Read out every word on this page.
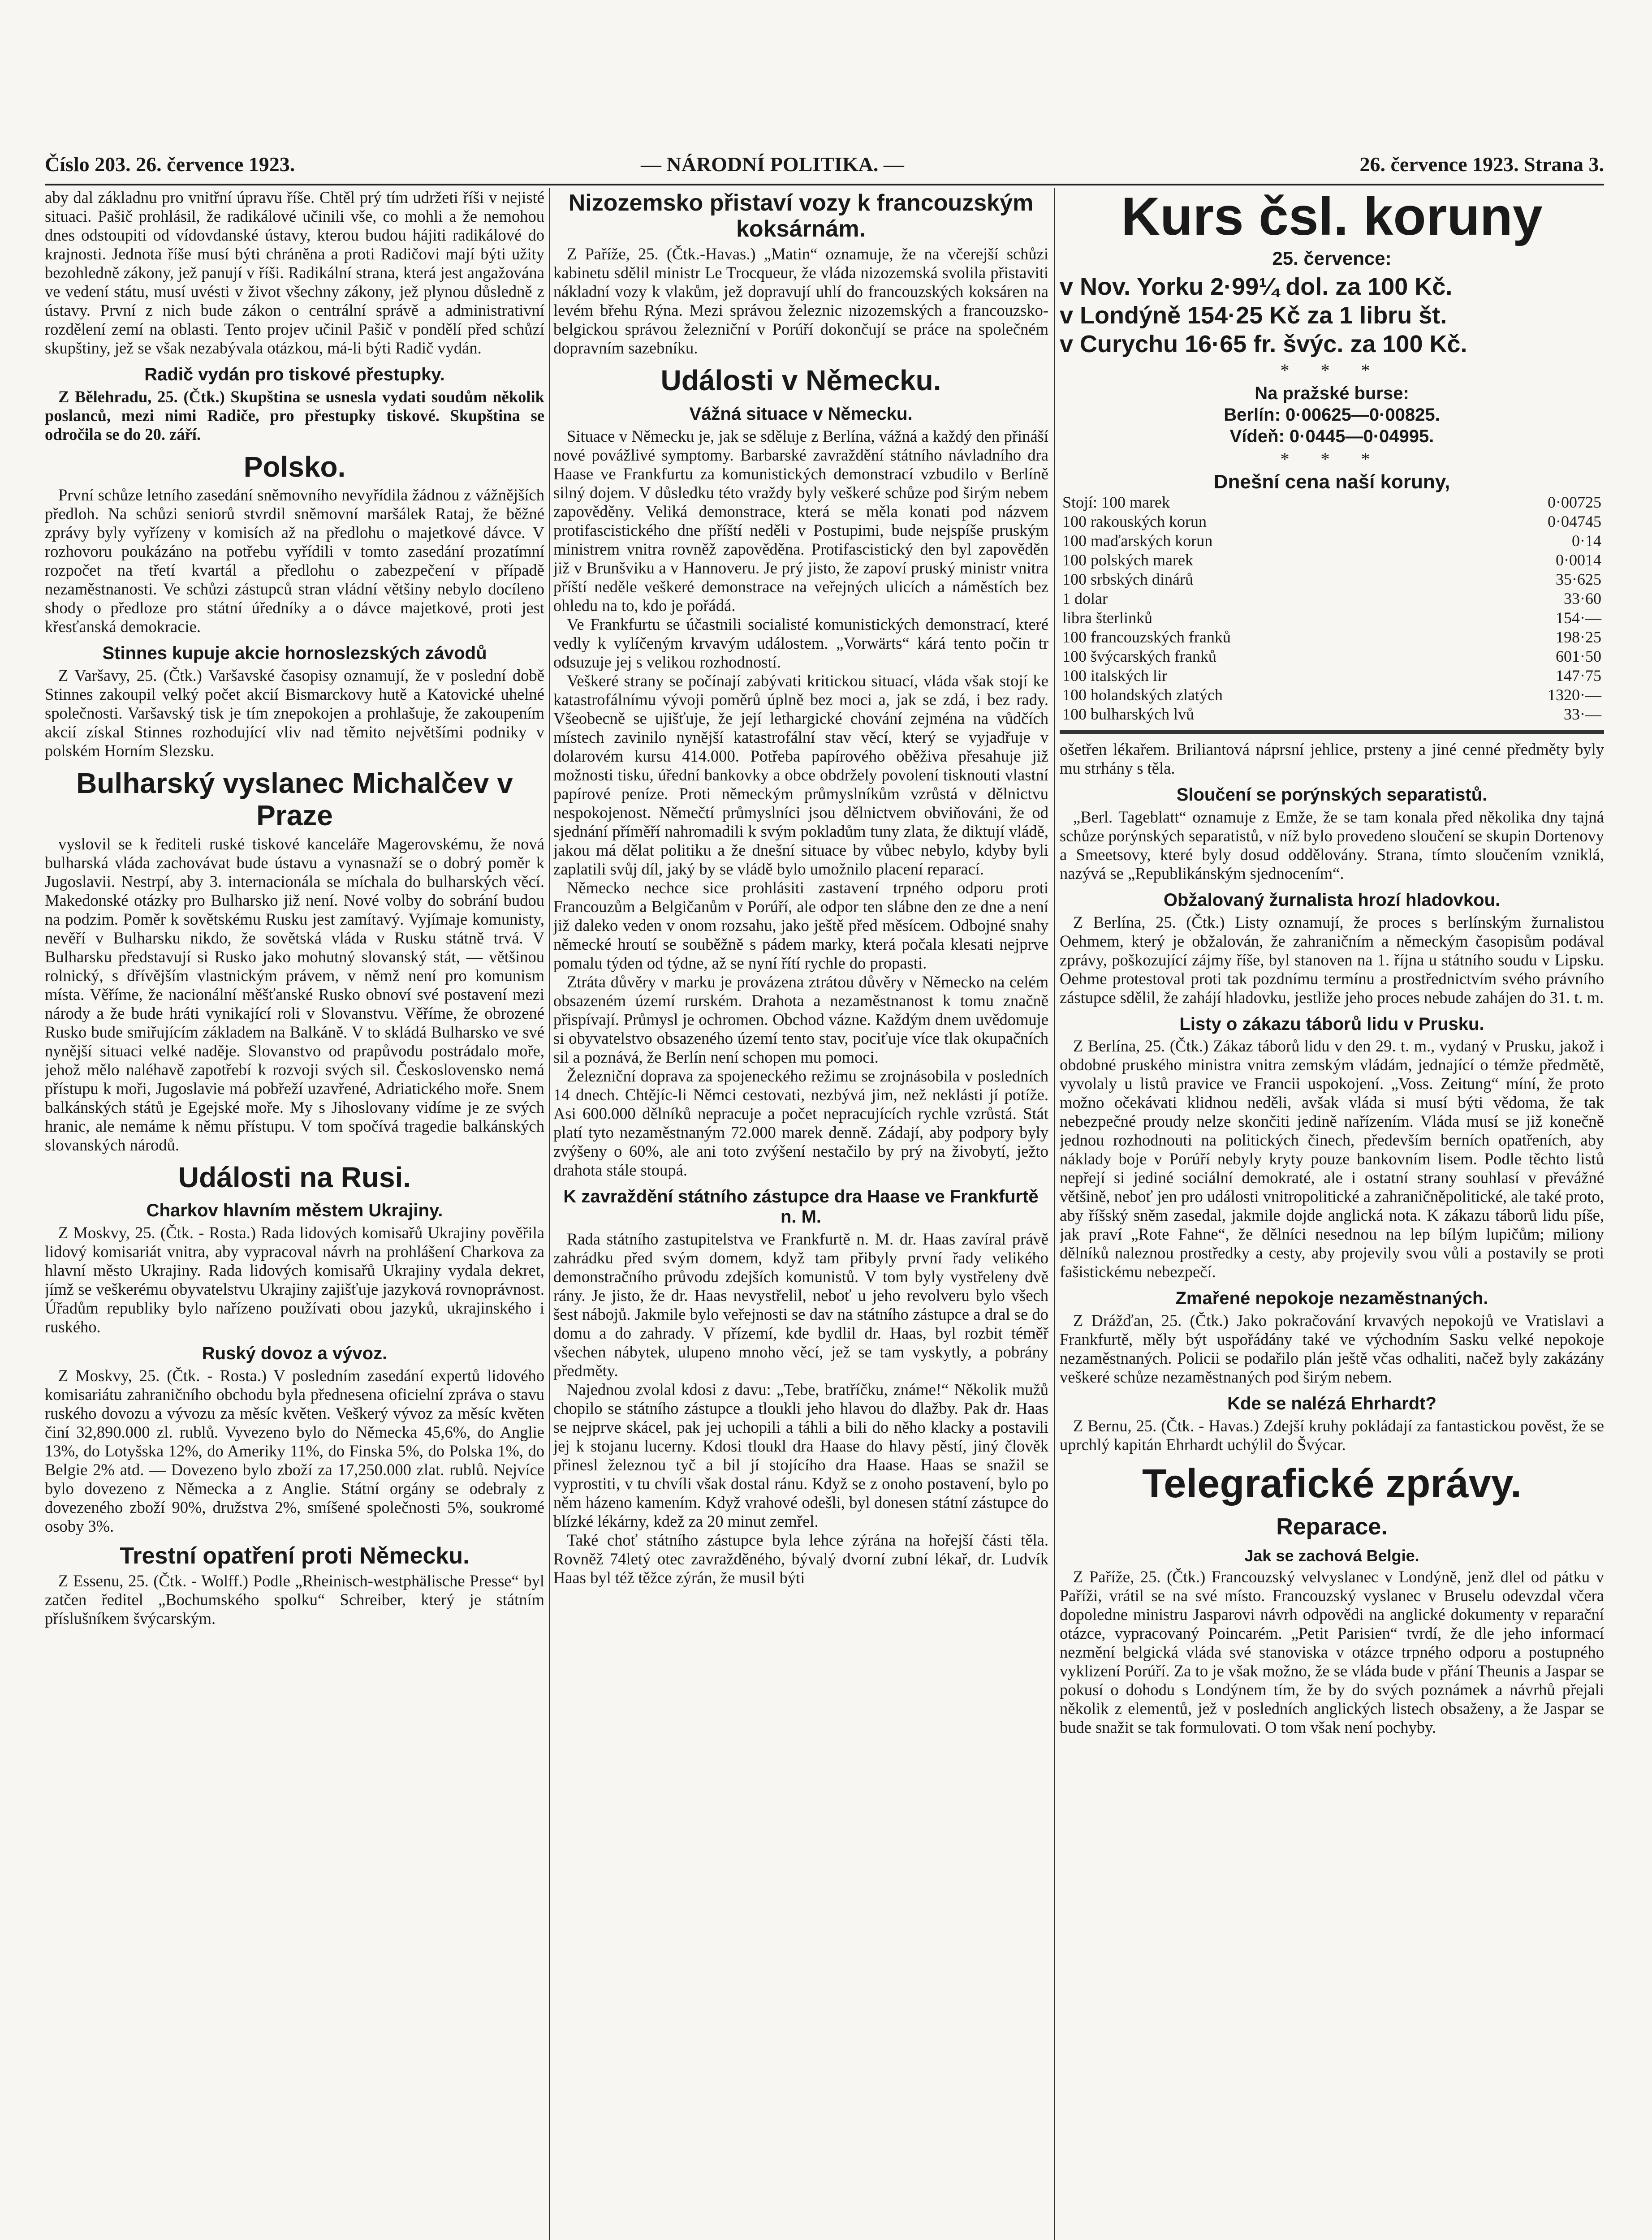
Číslo 203. 26. července 1923.	— NÁRODNÍ POLITIKA. —	26. července 1923. Strana 3.

aby dal základnu pro vnitřní úpravu říše. Chtěl prý tím udržeti říši v nejisté situaci. Pašič prohlásil, že radikálové učinili vše, co mohli a že nemohou dnes odstoupiti od vídovdanské ústavy, kterou budou hájiti radikálové do krajnosti. Jednota říše musí býti chráněna a proti Radičovi mají býti užity bezohledně zákony, jež panují v říši. Radikální strana, která jest angažována ve vedení státu, musí uvésti v život všechny zákony, jež plynou důsledně z ústavy. První z nich bude zákon o centrální správě a administrativní rozdělení zemí na oblasti. Tento projev učinil Pašič v pondělí před schůzí skupštiny, jež se však nezabývala otázkou, má-li býti Radič vydán.

Radič vydán pro tiskové přestupky.

Z Bělehradu, 25. (Čtk.) Skupština se usnesla vydati soudům několik poslanců, mezi nimi Radiče, pro přestupky tiskové. Skupština se odročila se do 20. září.

Polsko.

První schůze letního zasedání sněmovního nevyřídila žádnou z vážnějších předloh. Na schůzi seniorů stvrdil sněmovní maršálek Rataj, že běžné zprávy byly vyřízeny v komisích až na předlohu o majetkové dávce. V rozhovoru poukázáno na potřebu vyřídili v tomto zasedání prozatímní rozpočet na třetí kvartál a předlohu o zabezpečení v případě nezaměstnanosti. Ve schůzi zástupců stran vládní většiny nebylo docíleno shody o předloze pro státní úředníky a o dávce majetkové, proti jest křesťanská demokracie.

Stinnes kupuje akcie hornoslezských závodů

Z Varšavy, 25. (Čtk.) Varšavské časopisy oznamují, že v poslední době Stinnes zakoupil velký počet akcií Bismarckovy hutě a Katovické uhelné společnosti. Varšavský tisk je tím znepokojen a prohlašuje, že zakoupením akcií získal Stinnes rozhodující vliv nad těmito největšími podniky v polském Horním Slezsku.

Bulharský vyslanec Michalčev v Praze

vyslovil se k řediteli ruské tiskové kanceláře Magerovskému, že nová bulharská vláda zachovávat bude ústavu a vynasnaží se o dobrý poměr k Jugoslavii. Nestrpí, aby 3. internacionála se míchala do bulharských věcí. Makedonské otázky pro Bulharsko již není. Nové volby do sobrání budou na podzim. Poměr k sovětskému Rusku jest zamítavý. Vyjímaje komunisty, nevěří v Bulharsku nikdo, že sovětská vláda v Rusku státně trvá. V Bulharsku představují si Rusko jako mohutný slovanský stát, — většinou rolnický, s dřívějším vlastnickým právem, v němž není pro komunism místa. Věříme, že nacionální měšťanské Rusko obnoví své postavení mezi národy a že bude hráti vynikající roli v Slovanstvu. Věříme, že obrozené Rusko bude smiřujícím základem na Balkáně. V to skládá Bulharsko ve své nynější situaci velké naděje. Slovanstvo od prapůvodu postrádalo moře, jehož mělo naléhavě zapotřebí k rozvoji svých sil. Československo nemá přístupu k moři, Jugoslavie má pobřeží uzavřené, Adriatického moře. Snem balkánských států je Egejské moře. My s Jihoslovany vidíme je ze svých hranic, ale nemáme k němu přístupu. V tom spočívá tragedie balkánských slovanských národů.

Události na Rusi.
Charkov hlavním městem Ukrajiny.

Z Moskvy, 25. (Čtk. - Rosta.) Rada lidových komisařů Ukrajiny pověřila lidový komisariát vnitra, aby vypracoval návrh na prohlášení Charkova za hlavní město Ukrajiny. Rada lidových komisařů Ukrajiny vydala dekret, jímž se veškerému obyvatelstvu Ukrajiny zajišťuje jazyková rovnoprávnost. Úřadům republiky bylo nařízeno používati obou jazyků, ukrajinského i ruského.

Ruský dovoz a vývoz.

Z Moskvy, 25. (Čtk. - Rosta.) V posledním zasedání expertů lidového komisariátu zahraničního obchodu byla přednesena oficielní zpráva o stavu ruského dovozu a vývozu za měsíc květen. Veškerý vývoz za měsíc květen činí 32,890.000 zl. rublů. Vyvezeno bylo do Německa 45,6%, do Anglie 13%, do Lotyšska 12%, do Ameriky 11%, do Finska 5%, do Polska 1%, do Belgie 2% atd. — Dovezeno bylo zboží za 17,250.000 zlat. rublů. Nejvíce bylo dovezeno z Německa a z Anglie. Státní orgány se odebraly z dovezeného zboží 90%, družstva 2%, smíšené společnosti 5%, soukromé osoby 3%.

Trestní opatření proti Německu.

Z Essenu, 25. (Čtk. - Wolff.) Podle „Rheinisch-westphälische Presse“ byl zatčen ředitel „Bochumského spolku“ Schreiber, který je státním příslušníkem švýcarským.

Nizozemsko přistaví vozy k francouzským koksárnám.

Z Paříže, 25. (Čtk.-Havas.) „Matin“ oznamuje, že na včerejší schůzi kabinetu sdělil ministr Le Trocqueur, že vláda nizozemská svolila přistaviti nákladní vozy k vlakům, jež dopravují uhlí do francouzských koksáren na levém břehu Rýna. Mezi správou železnic nizozemských a francouzsko-belgickou správou železniční v Porúří dokončují se práce na společném dopravním sazebníku.

Události v Německu.
Vážná situace v Německu.

Situace v Německu je, jak se sděluje z Berlína, vážná a každý den přináší nové povážlivé symptomy. Barbarské zavraždění státního návladního dra Haase ve Frankfurtu za komunistických demonstrací vzbudilo v Berlíně silný dojem. V důsledku této vraždy byly veškeré schůze pod širým nebem zapověděny. Veliká demonstrace, která se měla konati pod názvem protifascistického dne příští neděli v Postupimi, bude nejspíše pruským ministrem vnitra rovněž zapověděna. Protifascistický den byl zapověděn již v Brunšviku a v Hannoveru. Je prý jisto, že zapoví pruský ministr vnitra příští neděle veškeré demonstrace na veřejných ulicích a náměstích bez ohledu na to, kdo je pořádá.

Ve Frankfurtu se účastnili socialisté komunistických demonstrací, které vedly k vylíčeným krvavým událostem. „Vorwärts“ kárá tento počin tr odsuzuje jej s velikou rozhodností.

Veškeré strany se počínají zabývati kritickou situací, vláda však stojí ke katastrofálnímu vývoji poměrů úplně bez moci a, jak se zdá, i bez rady. Všeobecně se ujišťuje, že její lethargické chování zejména na vůdčích místech zavinilo nynější katastrofální stav věcí, který se vyjadřuje v dolarovém kursu 414.000. Potřeba papírového oběživa přesahuje již možnosti tisku, úřední bankovky a obce obdržely povolení tisknouti vlastní papírové peníze. Proti německým průmyslníkům vzrůstá v dělnictvu nespokojenost. Němečtí průmyslníci jsou dělnictvem obviňováni, že od sjednání příměří nahromadili k svým pokladům tuny zlata, že diktují vládě, jakou má dělat politiku a že dnešní situace by vůbec nebylo, kdyby byli zaplatili svůj díl, jaký by se vládě bylo umožnilo placení reparací.

Německo nechce sice prohlásiti zastavení trpného odporu proti Francouzům a Belgičanům v Porúří, ale odpor ten slábne den ze dne a není již daleko veden v onom rozsahu, jako ještě před měsícem. Odbojné snahy německé hroutí se souběžně s pádem marky, která počala klesati nejprve pomalu týden od týdne, až se nyní řítí rychle do propasti.

Ztráta důvěry v marku je provázena ztrátou důvěry v Německo na celém obsazeném území rurském. Drahota a nezaměstnanost k tomu značně přispívají. Průmysl je ochromen. Obchod vázne. Každým dnem uvědomuje si obyvatelstvo obsazeného území tento stav, pociťuje více tlak okupačních sil a poznává, že Berlín není schopen mu pomoci.

Železniční doprava za spojeneckého režimu se zrojnásobila v posledních 14 dnech. Chtějíc-li Němci cestovati, nezbývá jim, než neklásti jí potíže. Asi 600.000 dělníků nepracuje a počet nepracujících rychle vzrůstá. Stát platí tyto nezaměstnaným 72.000 marek denně. Zádají, aby podpory byly zvýšeny o 60%, ale ani toto zvýšení nestačilo by prý na živobytí, ježto drahota stále stoupá.

K zavraždění státního zástupce dra Haase ve Frankfurtě n. M.

Rada státního zastupitelstva ve Frankfurtě n. M. dr. Haas zavíral právě zahrádku před svým domem, když tam přibyly první řady velikého demonstračního průvodu zdejších komunistů. V tom byly vystřeleny dvě rány. Je jisto, že dr. Haas nevystřelil, neboť u jeho revolveru bylo všech šest nábojů. Jakmile bylo veřejnosti se dav na státního zástupce a dral se do domu a do zahrady. V přízemí, kde bydlil dr. Haas, byl rozbit téměř všechen nábytek, ulupeno mnoho věcí, jež se tam vyskytly, a pobrány předměty.

Najednou zvolal kdosi z davu: „Tebe, bratříčku, známe!“ Několik mužů chopilo se státního zástupce a tloukli jeho hlavou do dlažby. Pak dr. Haas se nejprve skácel, pak jej uchopili a táhli a bili do něho klacky a postavili jej k stojanu lucerny. Kdosi tloukl dra Haase do hlavy pěstí, jiný člověk přinesl železnou tyč a bil jí stojícího dra Haase. Haas se snažil se vyprostiti, v tu chvíli však dostal ránu. Když se z onoho postavení, bylo po něm házeno kamením. Když vrahové odešli, byl donesen státní zástupce do blízké lékárny, kdež za 20 minut zemřel.

Také choť státního zástupce byla lehce zýrána na hořejší části těla. Rovněž 74letý otec zavražděného, bývalý dvorní zubní lékař, dr. Ludvík Haas byl též těžce zýrán, že musil býti

Kurs čsl. koruny
25. července:
v Nov. Yorku 2·99¼ dol. za 100 Kč.
v Londýně 154·25 Kč za 1 libru št.
v Curychu 16·65 fr. švýc. za 100 Kč.
* * *
Na pražské burse:
Berlín: 0·00625—0·00825.
Vídeň: 0·0445—0·04995.
* * *
Dnešní cena naší koruny,
Stojí: 100 marek	0·00725
100 rakouských korun	0·04745
100 maďarských korun	0·14
100 polských marek	0·0014
100 srbských dinárů	35·625
1 dolar	33·60
libra šterlinků	154·—
100 francouzských franků	198·25
100 švýcarských franků	601·50
100 italských lir	147·75
100 holandských zlatých	1320·—
100 bulharských lvů	33·—

ošetřen lékařem. Briliantová náprsní jehlice, prsteny a jiné cenné předměty byly mu strhány s těla.

Sloučení se porýnských separatistů.

„Berl. Tageblatt“ oznamuje z Emže, že se tam konala před několika dny tajná schůze porýnských separatistů, v níž bylo provedeno sloučení se skupin Dortenovy a Smeetsovy, které byly dosud oddělovány. Strana, tímto sloučením vzniklá, nazývá se „Republikánským sjednocením“.

Obžalovaný žurnalista hrozí hladovkou.

Z Berlína, 25. (Čtk.) Listy oznamují, že proces s berlínským žurnalistou Oehmem, který je obžalován, že zahraničním a německým časopisům podával zprávy, poškozující zájmy říše, byl stanoven na 1. října u státního soudu v Lipsku. Oehme protestoval proti tak pozdnímu termínu a prostřednictvím svého právního zástupce sdělil, že zahájí hladovku, jestliže jeho proces nebude zahájen do 31. t. m.

Listy o zákazu táborů lidu v Prusku.

Z Berlína, 25. (Čtk.) Zákaz táborů lidu v den 29. t. m., vydaný v Prusku, jakož i obdobné pruského ministra vnitra zemským vládám, jednající o témže předmětě, vyvolaly u listů pravice ve Francii uspokojení. „Voss. Zeitung“ míní, že proto možno očekávati klidnou neděli, avšak vláda si musí býti vědoma, že tak nebezpečné proudy nelze skončiti jedině nařízením. Vláda musí se již konečně jednou rozhodnouti na politických činech, především berních opatřeních, aby náklady boje v Porúří nebyly kryty pouze bankovním lisem. Podle těchto listů nepřejí si jediné sociální demokraté, ale i ostatní strany souhlasí v převážné většině, neboť jen pro události vnitropolitické a zahraničněpolitické, ale také proto, aby říšský sněm zasedal, jakmile dojde anglická nota. K zákazu táborů lidu píše, jak praví „Rote Fahne“, že dělníci nesednou na lep bílým lupičům; miliony dělníků naleznou prostředky a cesty, aby projevily svou vůli a postavily se proti fašistickému nebezpečí.

Zmařené nepokoje nezaměstnaných.

Z Drážďan, 25. (Čtk.) Jako pokračování krvavých nepokojů ve Vratislavi a Frankfurtě, měly být uspořádány také ve východním Sasku velké nepokoje nezaměstnaných. Policii se podařilo plán ještě včas odhaliti, načež byly zakázány veškeré schůze nezaměstnaných pod širým nebem.

Kde se nalézá Ehrhardt?

Z Bernu, 25. (Čtk. - Havas.) Zdejší kruhy pokládají za fantastickou pověst, že se uprchlý kapitán Ehrhardt uchýlil do Švýcar.

Telegrafické zprávy.
Reparace.
Jak se zachová Belgie.

Z Paříže, 25. (Čtk.) Francouzský velvyslanec v Londýně, jenž dlel od pátku v Paříži, vrátil se na své místo. Francouzský vyslanec v Bruselu odevzdal včera dopoledne ministru Jasparovi návrh odpovědi na anglické dokumenty v reparační otázce, vypracovaný Poincarém. „Petit Parisien“ tvrdí, že dle jeho informací nezmění belgická vláda své stanoviska v otázce trpného odporu a postupného vyklizení Porúří. Za to je však možno, že se vláda bude v přání Theunis a Jaspar se pokusí o dohodu s Londýnem tím, že by do svých poznámek a návrhů přejali několik z elementů, jež v posledních anglických listech obsaženy, a že Jaspar se bude snažit se tak formulovati. O tom však není pochyby.
